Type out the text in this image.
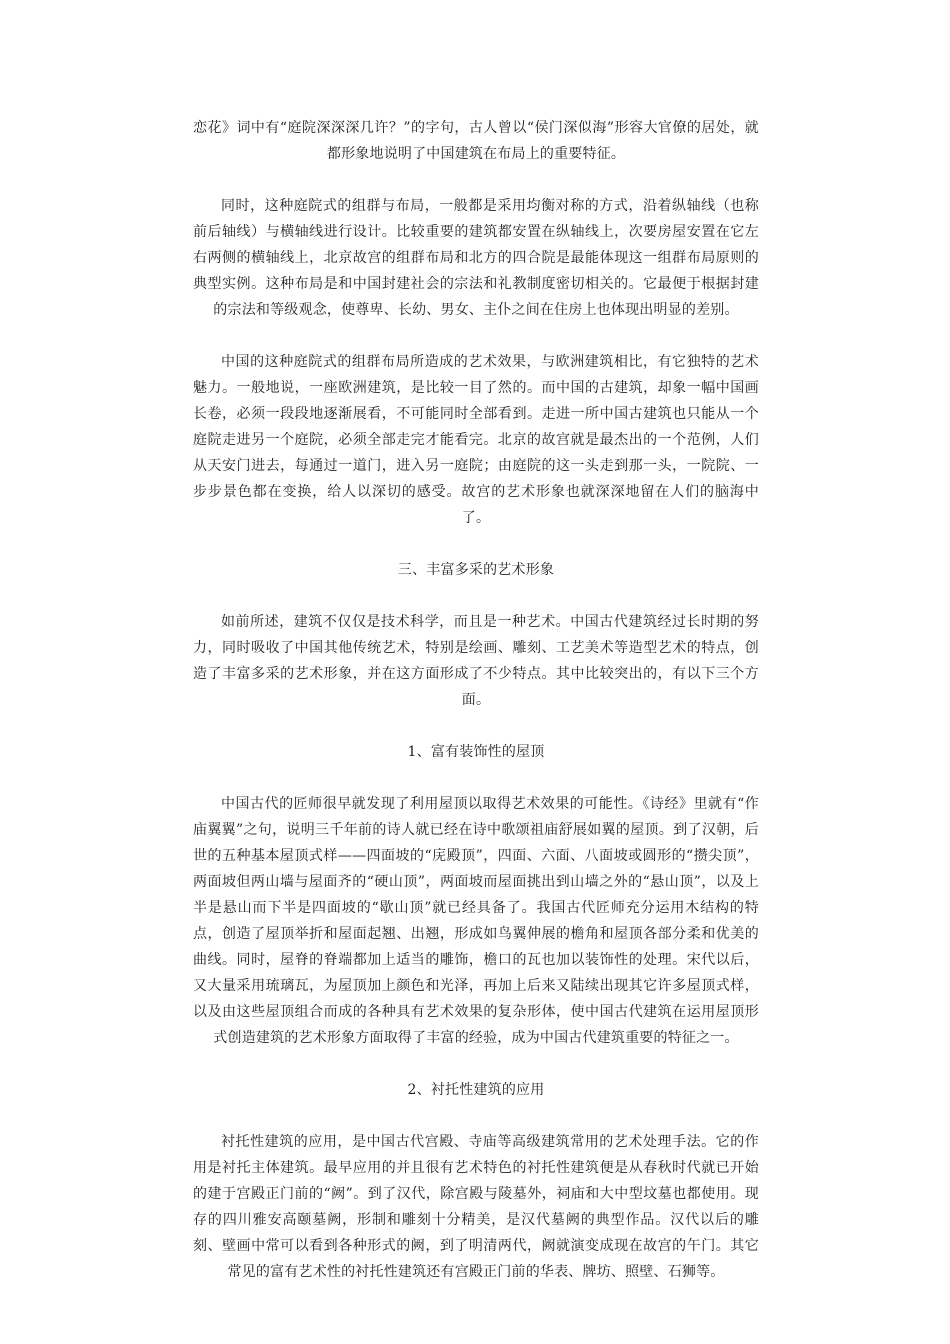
恋花》词中有“庭院深深深几许？”的字句，古人曾以“侯门深似海”形容大官僚的居处，就都形象地说明了中国建筑在布局上的重要特征。

同时，这种庭院式的组群与布局，一般都是采用均衡对称的方式，沿着纵轴线（也称前后轴线）与横轴线进行设计。比较重要的建筑都安置在纵轴线上，次要房屋安置在它左右两侧的横轴线上，北京故宫的组群布局和北方的四合院是最能体现这一组群布局原则的典型实例。这种布局是和中国封建社会的宗法和礼教制度密切相关的。它最便于根据封建的宗法和等级观念，使尊卑、长幼、男女、主仆之间在住房上也体现出明显的差别。

中国的这种庭院式的组群布局所造成的艺术效果，与欧洲建筑相比，有它独特的艺术魅力。一般地说，一座欧洲建筑，是比较一目了然的。而中国的古建筑，却象一幅中国画长卷，必须一段段地逐渐展看，不可能同时全部看到。走进一所中国古建筑也只能从一个庭院走进另一个庭院，必须全部走完才能看完。北京的故宫就是最杰出的一个范例，人们从天安门进去，每通过一道门，进入另一庭院；由庭院的这一头走到那一头，一院院、一步步景色都在变换，给人以深切的感受。故宫的艺术形象也就深深地留在人们的脑海中了。

三、丰富多采的艺术形象

如前所述，建筑不仅仅是技术科学，而且是一种艺术。中国古代建筑经过长时期的努力，同时吸收了中国其他传统艺术，特别是绘画、雕刻、工艺美术等造型艺术的特点，创造了丰富多采的艺术形象，并在这方面形成了不少特点。其中比较突出的，有以下三个方面。

1、富有装饰性的屋顶

中国古代的匠师很早就发现了利用屋顶以取得艺术效果的可能性。《诗经》里就有“作庙翼翼”之句，说明三千年前的诗人就已经在诗中歌颂祖庙舒展如翼的屋顶。到了汉朝，后世的五种基本屋顶式样——四面坡的“庑殿顶”，四面、六面、八面坡或圆形的“攒尖顶”，两面坡但两山墙与屋面齐的“硬山顶”，两面坡而屋面挑出到山墙之外的“悬山顶”，以及上半是悬山而下半是四面坡的“歇山顶”就已经具备了。我国古代匠师充分运用木结构的特点，创造了屋顶举折和屋面起翘、出翘，形成如鸟翼伸展的檐角和屋顶各部分柔和优美的曲线。同时，屋脊的脊端都加上适当的雕饰，檐口的瓦也加以装饰性的处理。宋代以后，又大量采用琉璃瓦，为屋顶加上颜色和光泽，再加上后来又陆续出现其它许多屋顶式样，以及由这些屋顶组合而成的各种具有艺术效果的复杂形体，使中国古代建筑在运用屋顶形式创造建筑的艺术形象方面取得了丰富的经验，成为中国古代建筑重要的特征之一。

2、衬托性建筑的应用

衬托性建筑的应用，是中国古代宫殿、寺庙等高级建筑常用的艺术处理手法。它的作用是衬托主体建筑。最早应用的并且很有艺术特色的衬托性建筑便是从春秋时代就已开始的建于宫殿正门前的“阙”。到了汉代，除宫殿与陵墓外，祠庙和大中型坟墓也都使用。现存的四川雅安高颐墓阙，形制和雕刻十分精美，是汉代墓阙的典型作品。汉代以后的雕刻、壁画中常可以看到各种形式的阙，到了明清两代，阙就演变成现在故宫的午门。其它常见的富有艺术性的衬托性建筑还有宫殿正门前的华表、牌坊、照壁、石狮等。
